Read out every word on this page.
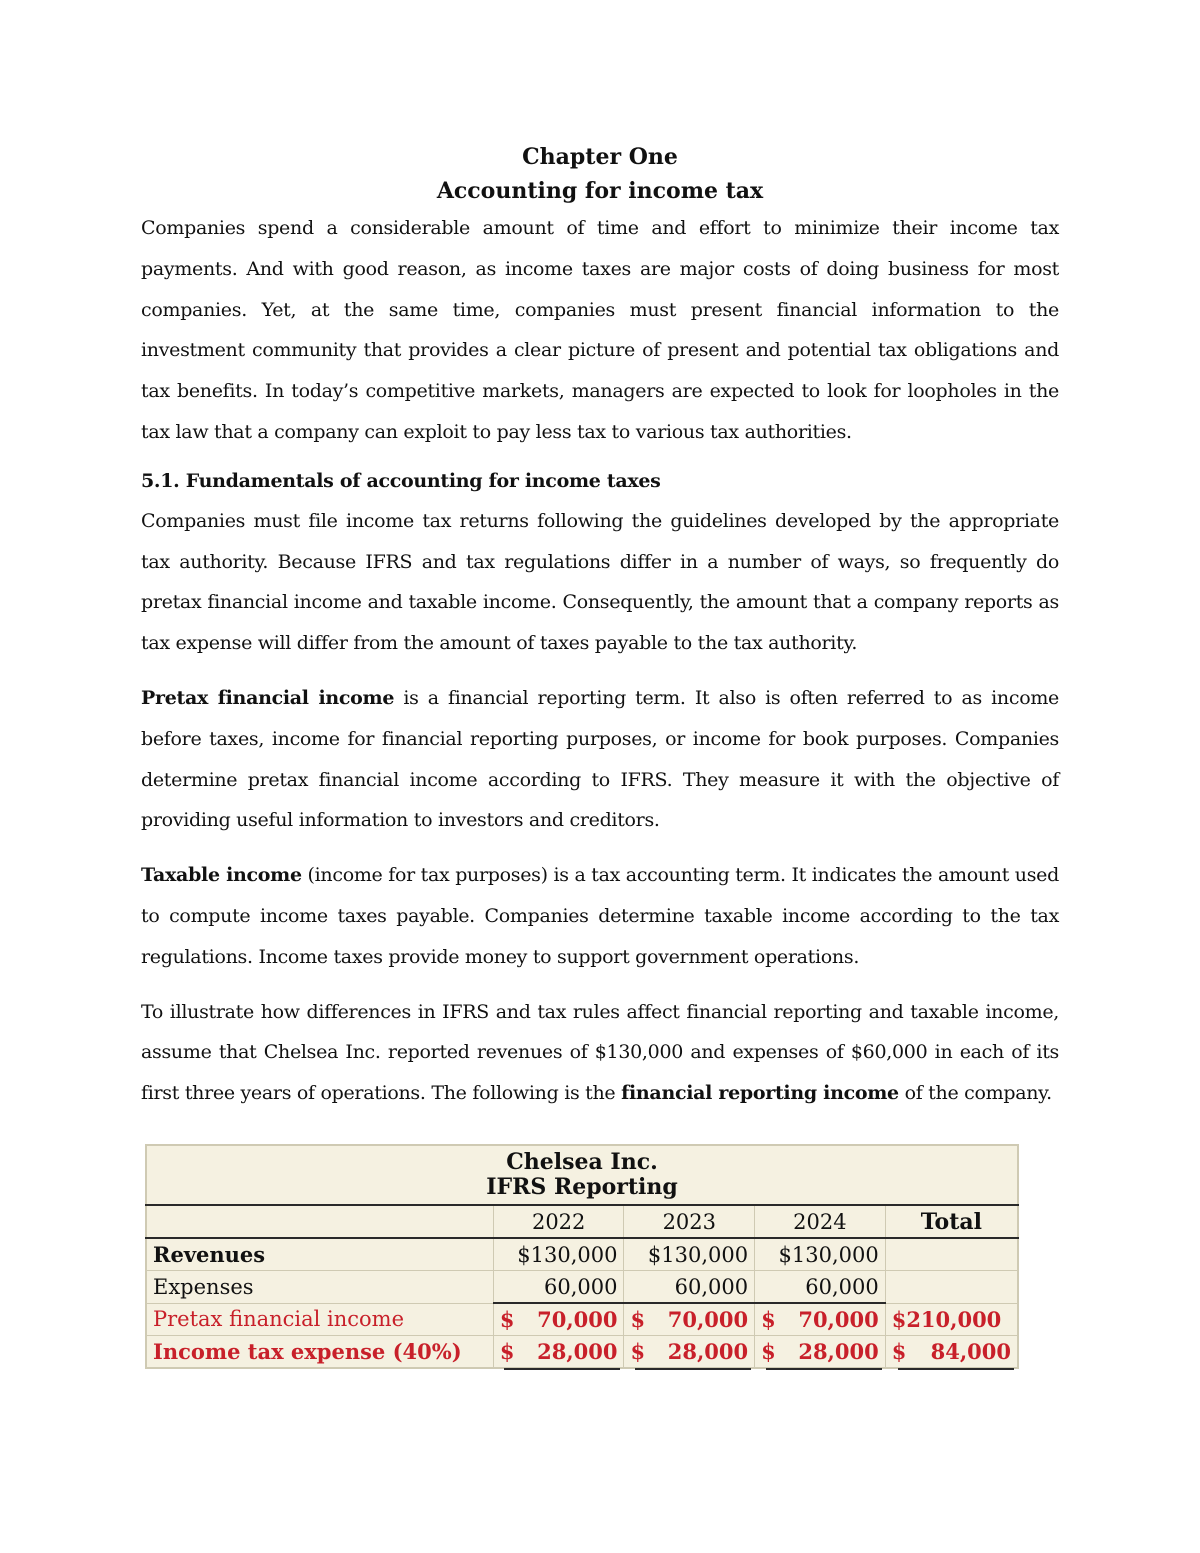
Chapter One

Accounting for income tax

Companies spend a considerable amount of time and effort to minimize their income tax payments. And with good reason, as income taxes are major costs of doing business for most companies. Yet, at the same time, companies must present financial information to the investment community that provides a clear picture of present and potential tax obligations and tax benefits. In today’s competitive markets, managers are expected to look for loopholes in the tax law that a company can exploit to pay less tax to various tax authorities.

5.1. Fundamentals of accounting for income taxes

Companies must file income tax returns following the guidelines developed by the appropriate tax authority. Because IFRS and tax regulations differ in a number of ways, so frequently do pretax financial income and taxable income. Consequently, the amount that a company reports as tax expense will differ from the amount of taxes payable to the tax authority.

Pretax financial income is a financial reporting term. It also is often referred to as income before taxes, income for financial reporting purposes, or income for book purposes. Companies determine pretax financial income according to IFRS. They measure it with the objective of providing useful information to investors and creditors.

Taxable income (income for tax purposes) is a tax accounting term. It indicates the amount used to compute income taxes payable. Companies determine taxable income according to the tax regulations. Income taxes provide money to support government operations.

To illustrate how differences in IFRS and tax rules affect financial reporting and taxable income, assume that Chelsea Inc. reported revenues of $130,000 and expenses of $60,000 in each of its first three years of operations. The following is the financial reporting income of the company.

Chelsea Inc.
IFRS Reporting				

	2022	2023	2024	Total
Revenues	$130,000	$130,000	$130,000	
Expenses	60,000	60,000	60,000	
Pretax financial income	$ 70,000	$ 70,000	$ 70,000	$210,000
Income tax expense (40%)	$ 28,000	$ 28,000	$ 28,000	$ 84,000
